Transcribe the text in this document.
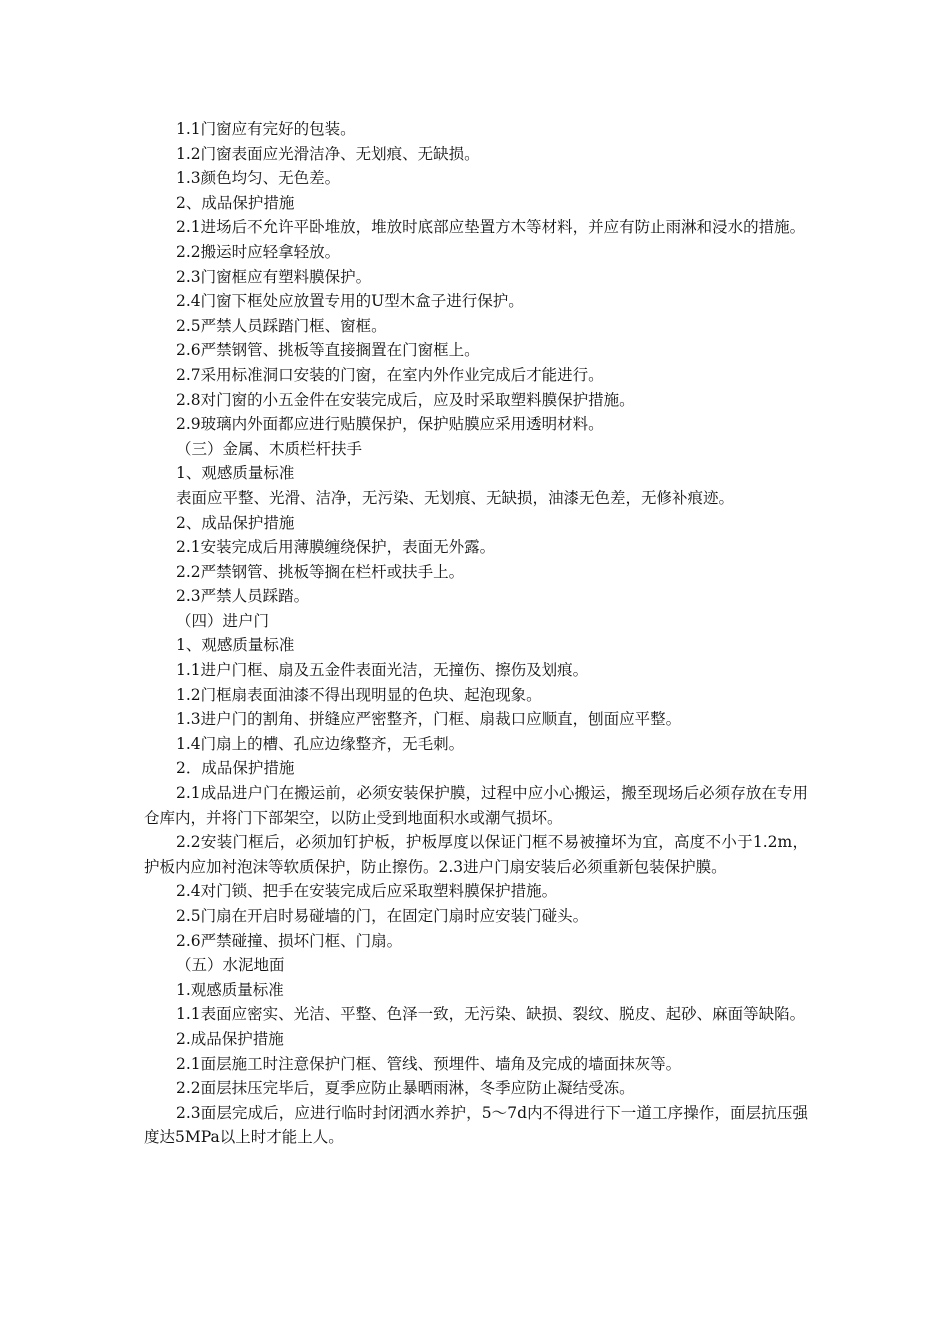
1.1门窗应有完好的包装。
1.2门窗表面应光滑洁净、无划痕、无缺损。
1.3颜色均匀、无色差。
2、成品保护措施
2.1进场后不允许平卧堆放，堆放时底部应垫置方木等材料，并应有防止雨淋和浸水的措施。
2.2搬运时应轻拿轻放。
2.3门窗框应有塑料膜保护。
2.4门窗下框处应放置专用的U型木盒子进行保护。
2.5严禁人员踩踏门框、窗框。
2.6严禁钢管、挑板等直接搁置在门窗框上。
2.7采用标准洞口安装的门窗，在室内外作业完成后才能进行。
2.8对门窗的小五金件在安装完成后，应及时采取塑料膜保护措施。
2.9玻璃内外面都应进行贴膜保护，保护贴膜应采用透明材料。
（三）金属、木质栏杆扶手
1、观感质量标准
表面应平整、光滑、洁净，无污染、无划痕、无缺损，油漆无色差，无修补痕迹。
2、成品保护措施
2.1安装完成后用薄膜缠绕保护，表面无外露。
2.2严禁钢管、挑板等搁在栏杆或扶手上。
2.3严禁人员踩踏。
（四）进户门
1、观感质量标准
1.1进户门框、扇及五金件表面光洁，无撞伤、擦伤及划痕。
1.2门框扇表面油漆不得出现明显的色块、起泡现象。
1.3进户门的割角、拼缝应严密整齐，门框、扇裁口应顺直，刨面应平整。
1.4门扇上的槽、孔应边缘整齐，无毛刺。
2．成品保护措施
2.1成品进户门在搬运前，必须安装保护膜，过程中应小心搬运，搬至现场后必须存放在专用仓库内，并将门下部架空，以防止受到地面积水或潮气损坏。
2.2安装门框后，必须加钉护板，护板厚度以保证门框不易被撞坏为宜，高度不小于1.2m，护板内应加衬泡沫等软质保护，防止擦伤。2.3进户门扇安装后必须重新包装保护膜。
2.4对门锁、把手在安装完成后应采取塑料膜保护措施。
2.5门扇在开启时易碰墙的门，在固定门扇时应安装门碰头。
2.6严禁碰撞、损坏门框、门扇。
（五）水泥地面
1.观感质量标准
1.1表面应密实、光洁、平整、色泽一致，无污染、缺损、裂纹、脱皮、起砂、麻面等缺陷。
2.成品保护措施
2.1面层施工时注意保护门框、管线、预埋件、墙角及完成的墙面抹灰等。
2.2面层抹压完毕后，夏季应防止暴晒雨淋，冬季应防止凝结受冻。
2.3面层完成后，应进行临时封闭洒水养护，5～7d内不得进行下一道工序操作，面层抗压强度达5MPa以上时才能上人。
